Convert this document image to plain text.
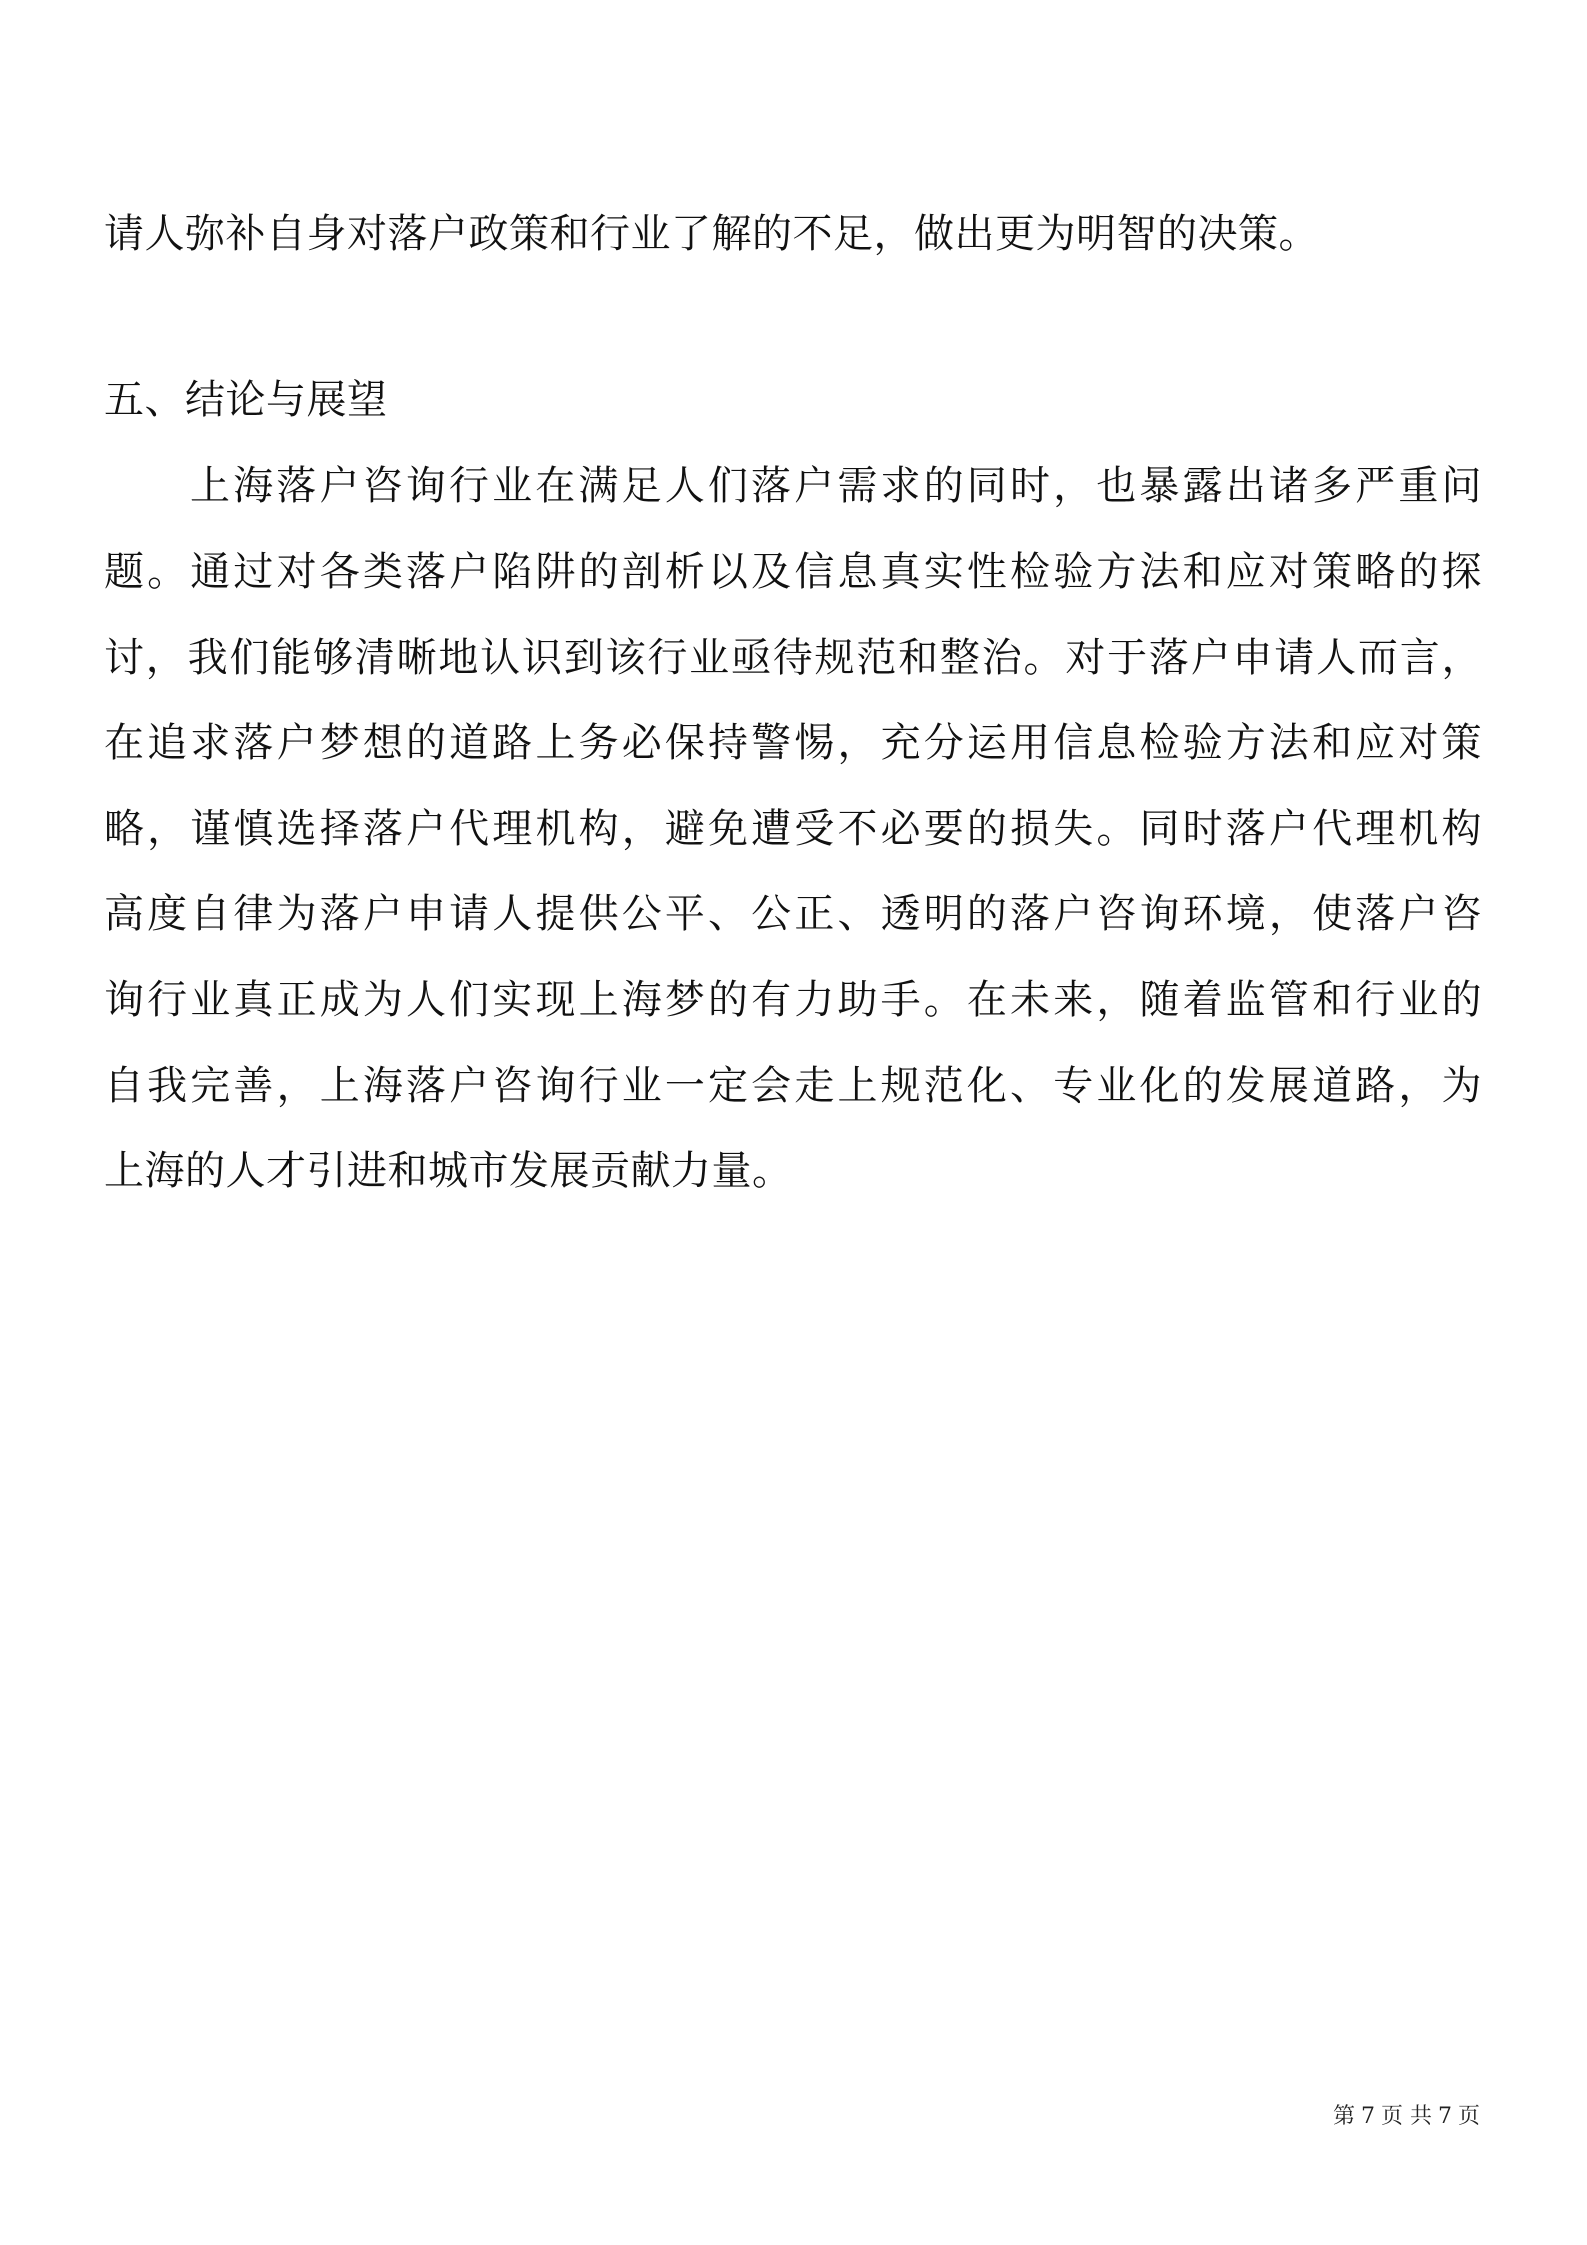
请人弥补自身对落户政策和行业了解的不足，做出更为明智的决策。
五、结论与展望
上海落户咨询行业在满足人们落户需求的同时，也暴露出诸多严重问
题。通过对各类落户陷阱的剖析以及信息真实性检验方法和应对策略的探
讨，我们能够清晰地认识到该行业亟待规范和整治。对于落户申请人而言，
在追求落户梦想的道路上务必保持警惕，充分运用信息检验方法和应对策
略，谨慎选择落户代理机构，避免遭受不必要的损失。同时落户代理机构
高度自律为落户申请人提供公平、公正、透明的落户咨询环境，使落户咨
询行业真正成为人们实现上海梦的有力助手。在未来，随着监管和行业的
自我完善，上海落户咨询行业一定会走上规范化、专业化的发展道路，为
上海的人才引进和城市发展贡献力量。
第 7 页 共 7 页
